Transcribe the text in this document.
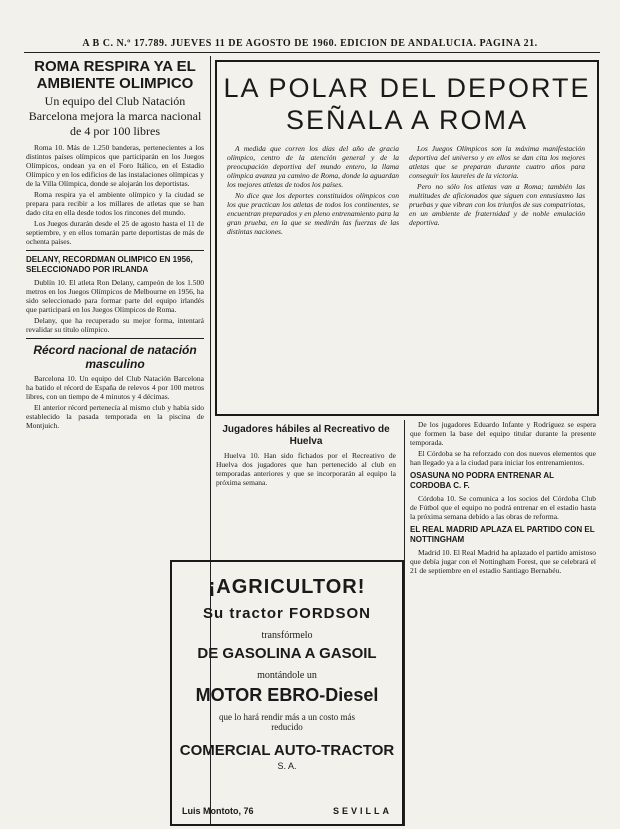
A B C. N.º 17.789. JUEVES 11 DE AGOSTO DE 1960. EDICION DE ANDALUCIA. PAGINA 21.
ROMA RESPIRA YA EL AMBIENTE OLIMPICO
Un equipo del Club Natación Barcelona mejora la marca nacional de 4 por 100 libres

Roma 10. Más de 1.250 banderas, pertenecientes a los distintos países olímpicos que participarán en los Juegos Olímpicos, ondean ya en el Foro Itálico, en el Estadio Olímpico y en los edificios de las instalaciones olímpicas y de la Villa Olímpica, donde se alojarán los deportistas.

Roma respira ya el ambiente olímpico y la ciudad se prepara para recibir a los millares de atletas que se han dado cita en ella desde todos los rincones del mundo.

Los Juegos durarán desde el 25 de agosto hasta el 11 de septiembre, y en ellos tomarán parte deportistas de más de ochenta países.

DELANY, RECORDMAN OLIMPICO EN 1956, SELECCIONADO POR IRLANDA

Dublín 10. El atleta Ron Delany, campeón de los 1.500 metros en los Juegos Olímpicos de Melbourne en 1956, ha sido seleccionado para formar parte del equipo irlandés que participará en los Juegos Olímpicos de Roma.

Delany, que ha recuperado su mejor forma, intentará revalidar su título olímpico.

Récord nacional de natación masculino

Barcelona 10. Un equipo del Club Natación Barcelona ha batido el récord de España de relevos 4 por 100 metros libres, con un tiempo de 4 minutos y 4 décimas.

El anterior récord pertenecía al mismo club y había sido establecido la pasada temporada en la piscina de Montjuich.

LA POLAR DEL DEPORTE
SEÑALA A ROMA

A medida que corren los días del año de gracia olímpico, centro de la atención general y de la preocupación deportiva del mundo entero, la llama olímpica avanza ya camino de Roma, donde la aguardan los mejores atletas de todos los países.

No dice que los deportes constituidos olímpicos con los que practican los atletas de todos los continentes, se encuentran preparados y en pleno entrenamiento para la gran prueba, en la que se medirán las fuerzas de las distintas naciones.

Los Juegos Olímpicos son la máxima manifestación deportiva del universo y en ellos se dan cita los mejores atletas que se preparan durante cuatro años para conseguir los laureles de la victoria.

Pero no sólo los atletas van a Roma; también las multitudes de aficionados que siguen con entusiasmo las pruebas y que vibran con los triunfos de sus compatriotas, en un ambiente de fraternidad y de noble emulación deportiva.

Jugadores hábiles al Recreativo de Huelva

Huelva 10. Han sido fichados por el Recreativo de Huelva dos jugadores que han pertenecido al club en temporadas anteriores y que se incorporarán al equipo la próxima semana.

¡AGRICULTOR!
Su tractor FORDSON
transfórmelo
DE GASOLINA A GASOIL
montándole un
MOTOR EBRO-Diesel
que lo hará rendir más a un costo más reducido
COMERCIAL AUTO-TRACTOR
S. A.
Luis Montoto, 76	SEVILLA

De los jugadores Eduardo Infante y Rodríguez se espera que formen la base del equipo titular durante la presente temporada.

El Córdoba se ha reforzado con dos nuevos elementos que han llegado ya a la ciudad para iniciar los entrenamientos.

OSASUNA NO PODRA ENTRENAR AL CORDOBA C. F.

Córdoba 10. Se comunica a los socios del Córdoba Club de Fútbol que el equipo no podrá entrenar en el estadio hasta la próxima semana debido a las obras de reforma.

EL REAL MADRID APLAZA EL PARTIDO CON EL NOTTINGHAM

Madrid 10. El Real Madrid ha aplazado el partido amistoso que debía jugar con el Nottingham Forest, que se celebrará el 21 de septiembre en el estadio Santiago Bernabéu.
